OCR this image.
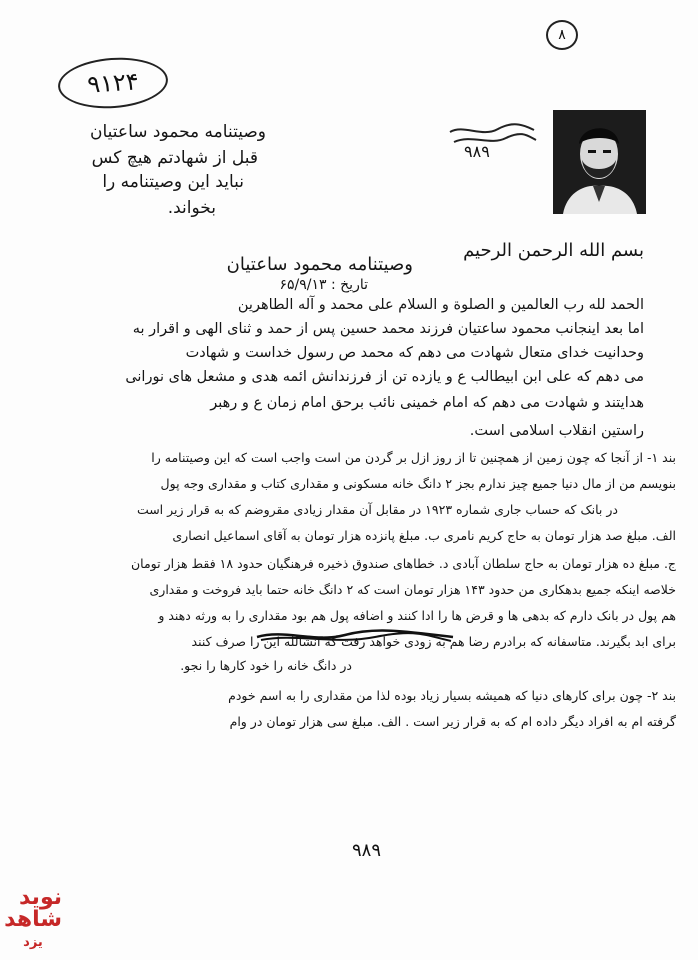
۹۱۲۴
۸
۹۸۹
وصیتنامه محمود ساعتیان
قبل از شهادتم هیچ کس
نباید این وصیتنامه را
بخواند.
بسم الله الرحمن الرحیم
وصیتنامه محمود ساعتیان
تاریخ : ۶۵/۹/۱۳
الحمد لله رب العالمین و الصلوة و السلام علی محمد و آله الطاهرین
اما بعد اینجانب محمود ساعتیان فرزند محمد حسین پس از حمد و ثنای الهی و اقرار به
وحدانیت خدای متعال شهادت می دهم که محمد ص رسول خداست و شهادت
می دهم که علی ابن ابیطالب ع و یازده تن از فرزندانش ائمه هدی و مشعل های نورانی
هدایتند و شهادت می دهم که امام خمینی نائب برحق امام زمان ع و رهبر
راستین انقلاب اسلامی است.
بند ۱- از آنجا که چون زمین از همچنین تا از روز ازل بر گردن من است واجب است که این وصیتنامه را
بنویسم من از مال دنیا جمیع چیز ندارم بجز ۲ دانگ خانه مسکونی و مقداری کتاب و مقداری وجه پول
در بانک که حساب جاری شماره ۱۹۲۳ در مقابل آن مقدار زیادی مقروضم که به قرار زیر است
الف. مبلغ صد هزار تومان به حاج کریم نامری ب. مبلغ پانزده هزار تومان به آقای اسماعیل انصاری
ج. مبلغ ده هزار تومان به حاج سلطان آبادی د. خطاهای صندوق ذخیره فرهنگیان حدود ۱۸ فقط هزار تومان
خلاصه اینکه جمیع بدهکاری من حدود ۱۴۳ هزار تومان است که ۲ دانگ خانه حتما باید فروخت و مقداری
هم پول در بانک دارم که بدهی ها و قرض ها را ادا کنند و اضافه پول هم بود مقداری را به ورثه دهند و
برای ابد بگیرند. متاسفانه که برادرم رضا هم به زودی خواهد رفت که انشالله این را صرف کنند
در دانگ خانه را خود کارها را نجو.
بند ۲- چون برای کارهای دنیا که همیشه بسیار زیاد بوده لذا من مقداری را به اسم خودم
گرفته ام به افراد دیگر داده ام که به قرار زیر است . الف. مبلغ سی هزار تومان در وام
۹۸۹
نوید شاهد
یزد
